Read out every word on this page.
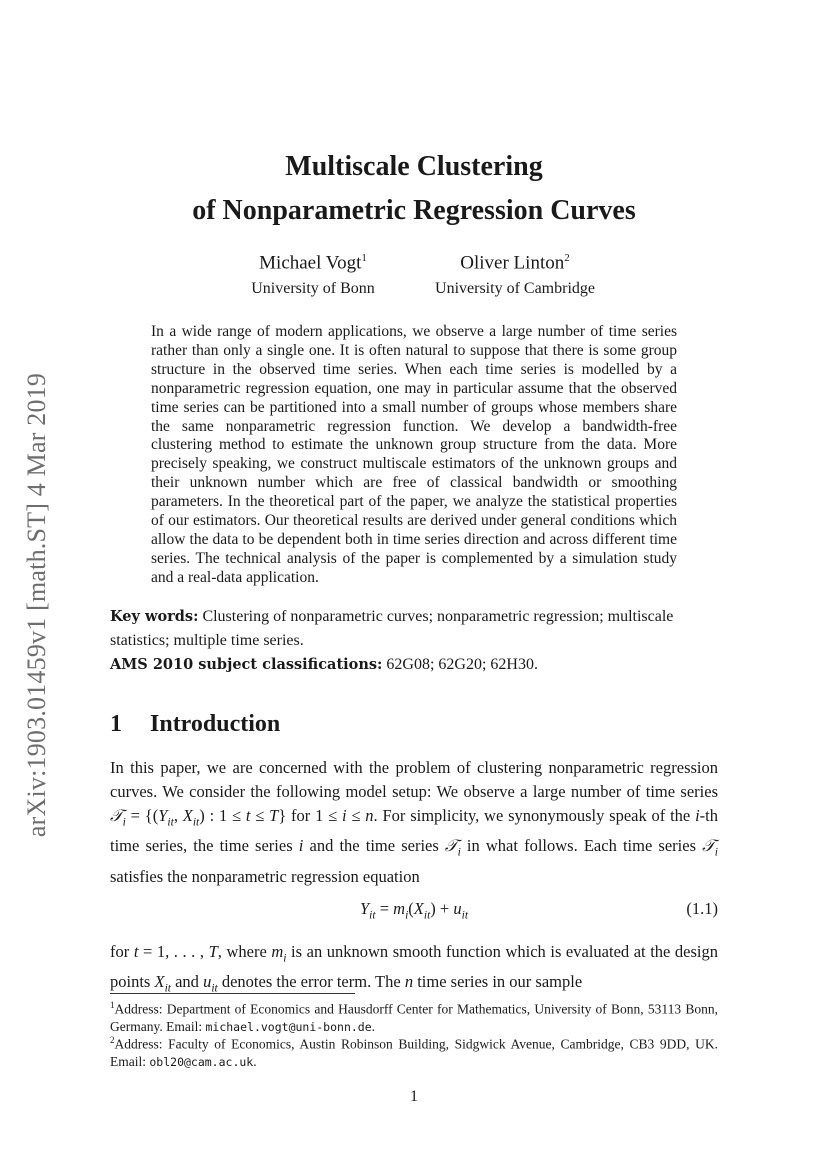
arXiv:1903.01459v1 [math.ST] 4 Mar 2019
Multiscale Clustering
of Nonparametric Regression Curves
Michael Vogt$^1$
University of Bonn
Oliver Linton$^2$
University of Cambridge
In a wide range of modern applications, we observe a large number of time series rather than only a single one. It is often natural to suppose that there is some group structure in the observed time series. When each time series is modelled by a nonparametric regression equation, one may in particular assume that the observed time series can be partitioned into a small number of groups whose members share the same nonparametric regression function. We develop a bandwidth-free clustering method to estimate the unknown group structure from the data. More precisely speaking, we construct multiscale estimators of the unknown groups and their unknown number which are free of classical bandwidth or smoothing parameters. In the theoretical part of the paper, we analyze the statistical properties of our estimators. Our theoretical results are derived under general conditions which allow the data to be dependent both in time series direction and across different time series. The technical analysis of the paper is complemented by a simulation study and a real-data application.
Key words: Clustering of nonparametric curves; nonparametric regression; multiscale statistics; multiple time series.
AMS 2010 subject classifications: 62G08; 62G20; 62H30.
1 Introduction
In this paper, we are concerned with the problem of clustering nonparametric regression curves. We consider the following model setup: We observe a large number of time series 𝒯$_i$ = {($Y_{it}$, $X_{it}$) : 1 ≤ t ≤ T} for 1 ≤ i ≤ n. For simplicity, we synonymously speak of the i-th time series, the time series i and the time series 𝒯$_i$ in what follows. Each time series 𝒯$_i$ satisfies the nonparametric regression equation
$Y_{it} = m_i(X_{it}) + u_{it}$	(1.1)
for t = 1, . . . , T, where $m_i$ is an unknown smooth function which is evaluated at the design points $X_{it}$ and $u_{it}$ denotes the error term. The n time series in our sample
$^1$Address: Department of Economics and Hausdorff Center for Mathematics, University of Bonn, 53113 Bonn, Germany. Email: michael.vogt@uni-bonn.de.
$^2$Address: Faculty of Economics, Austin Robinson Building, Sidgwick Avenue, Cambridge, CB3 9DD, UK. Email: obl20@cam.ac.uk.
1
